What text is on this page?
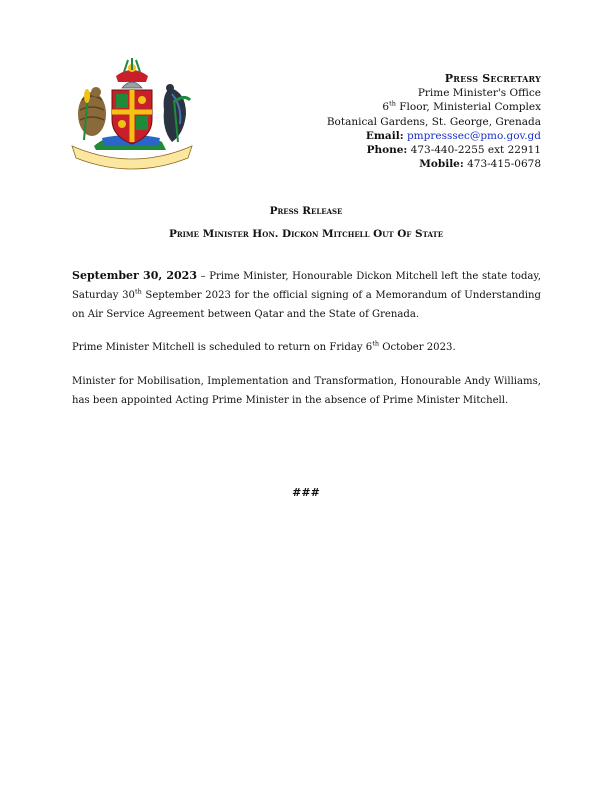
Press Secretary
Prime Minister's Office
6th Floor, Ministerial Complex
Botanical Gardens, St. George, Grenada
Email: pmpresssec@pmo.gov.gd
Phone: 473-440-2255 ext 22911
Mobile: 473-415-0678
Press Release
Prime Minister Hon. Dickon Mitchell Out Of State
September 30, 2023 – Prime Minister, Honourable Dickon Mitchell left the state today, Saturday 30th September 2023 for the official signing of a Memorandum of Understanding on Air Service Agreement between Qatar and the State of Grenada.
Prime Minister Mitchell is scheduled to return on Friday 6th October 2023.
Minister for Mobilisation, Implementation and Transformation, Honourable Andy Williams, has been appointed Acting Prime Minister in the absence of Prime Minister Mitchell.
###
